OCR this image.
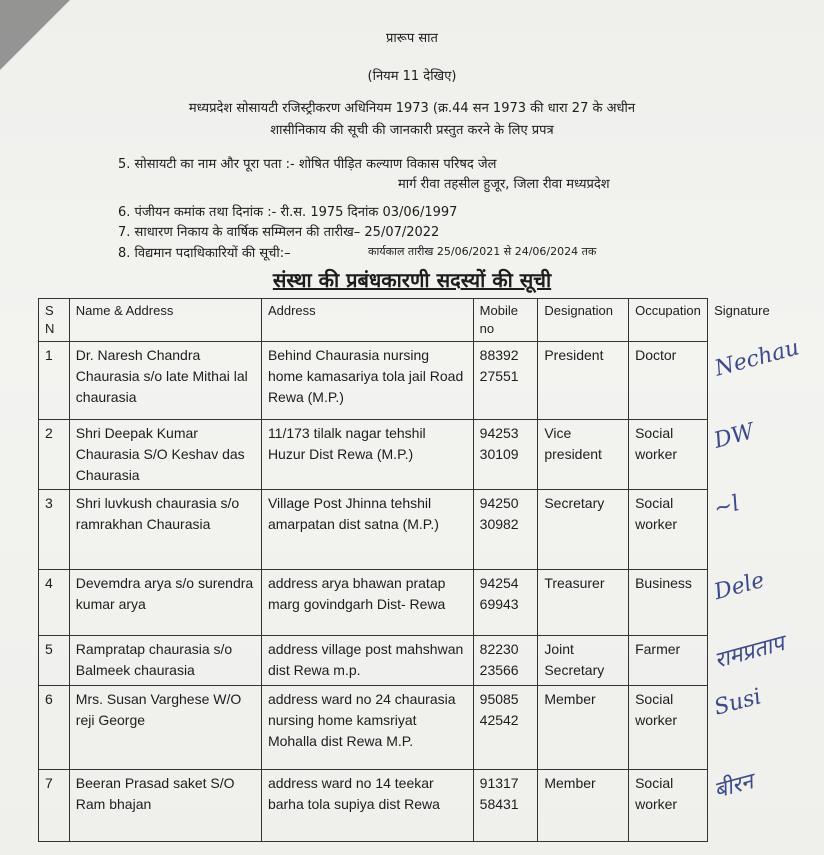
प्रारूप सात
(नियम 11 देखिए)
मध्यप्रदेश सोसायटी रजिस्ट्रीकरण अधिनियम 1973 (क्र.44 सन 1973 की धारा 27 के अधीन
शासीनिकाय की सूची की जानकारी प्रस्तुत करने के लिए प्रपत्र
5. सोसायटी का नाम और पूरा पता :- शोषित पीड़ित कल्याण विकास परिषद जेल
मार्ग रीवा तहसील हुजूर, जिला रीवा मध्यप्रदेश
6. पंजीयन कमांक तथा दिनांक :- री.स. 1975 दिनांक 03/06/1997
7. साधारण निकाय के वार्षिक सम्मिलन की तारीख– 25/07/2022
8. विद्यमान पदाधिकारियों की सूची:–	कार्यकाल तारीख 25/06/2021 से 24/06/2024 तक
संस्था की प्रबंधकारणी सदस्यों की सूची
S N	Name & Address	Address	Mobile no	Designation	Occupation	Signature
1	Dr. Naresh Chandra Chaurasia s/o late Mithai lal chaurasia	Behind Chaurasia nursing home kamasariya tola jail Road Rewa (M.P.)	88392 27551	President	Doctor	Nechau

2	Shri Deepak Kumar Chaurasia S/O Keshav das Chaurasia	11/173 tilalk nagar tehshil Huzur Dist Rewa (M.P.)	94253 30109	Vice president	Social worker	DW

3	Shri luvkush chaurasia s/o ramrakhan Chaurasia	Village Post Jhinna tehshil amarpatan dist satna (M.P.)	94250 30982	Secretary	Social worker	~l

4	Devemdra arya s/o surendra kumar arya	address arya bhawan pratap marg govindgarh Dist- Rewa	94254 69943	Treasurer	Business	Dele

5	Rampratap chaurasia s/o Balmeek chaurasia	address village post mahshwan dist Rewa m.p.	82230 23566	Joint Secretary	Farmer	रामप्रताप

6	Mrs. Susan Varghese W/O reji George	address ward no 24 chaurasia nursing home kamsriyat Mohalla dist Rewa M.P.	95085 42542	Member	Social worker	Susi

7	Beeran Prasad saket S/O Ram bhajan	address ward no 14 teekar barha tola supiya dist Rewa	91317 58431	Member	Social worker	बीरन
